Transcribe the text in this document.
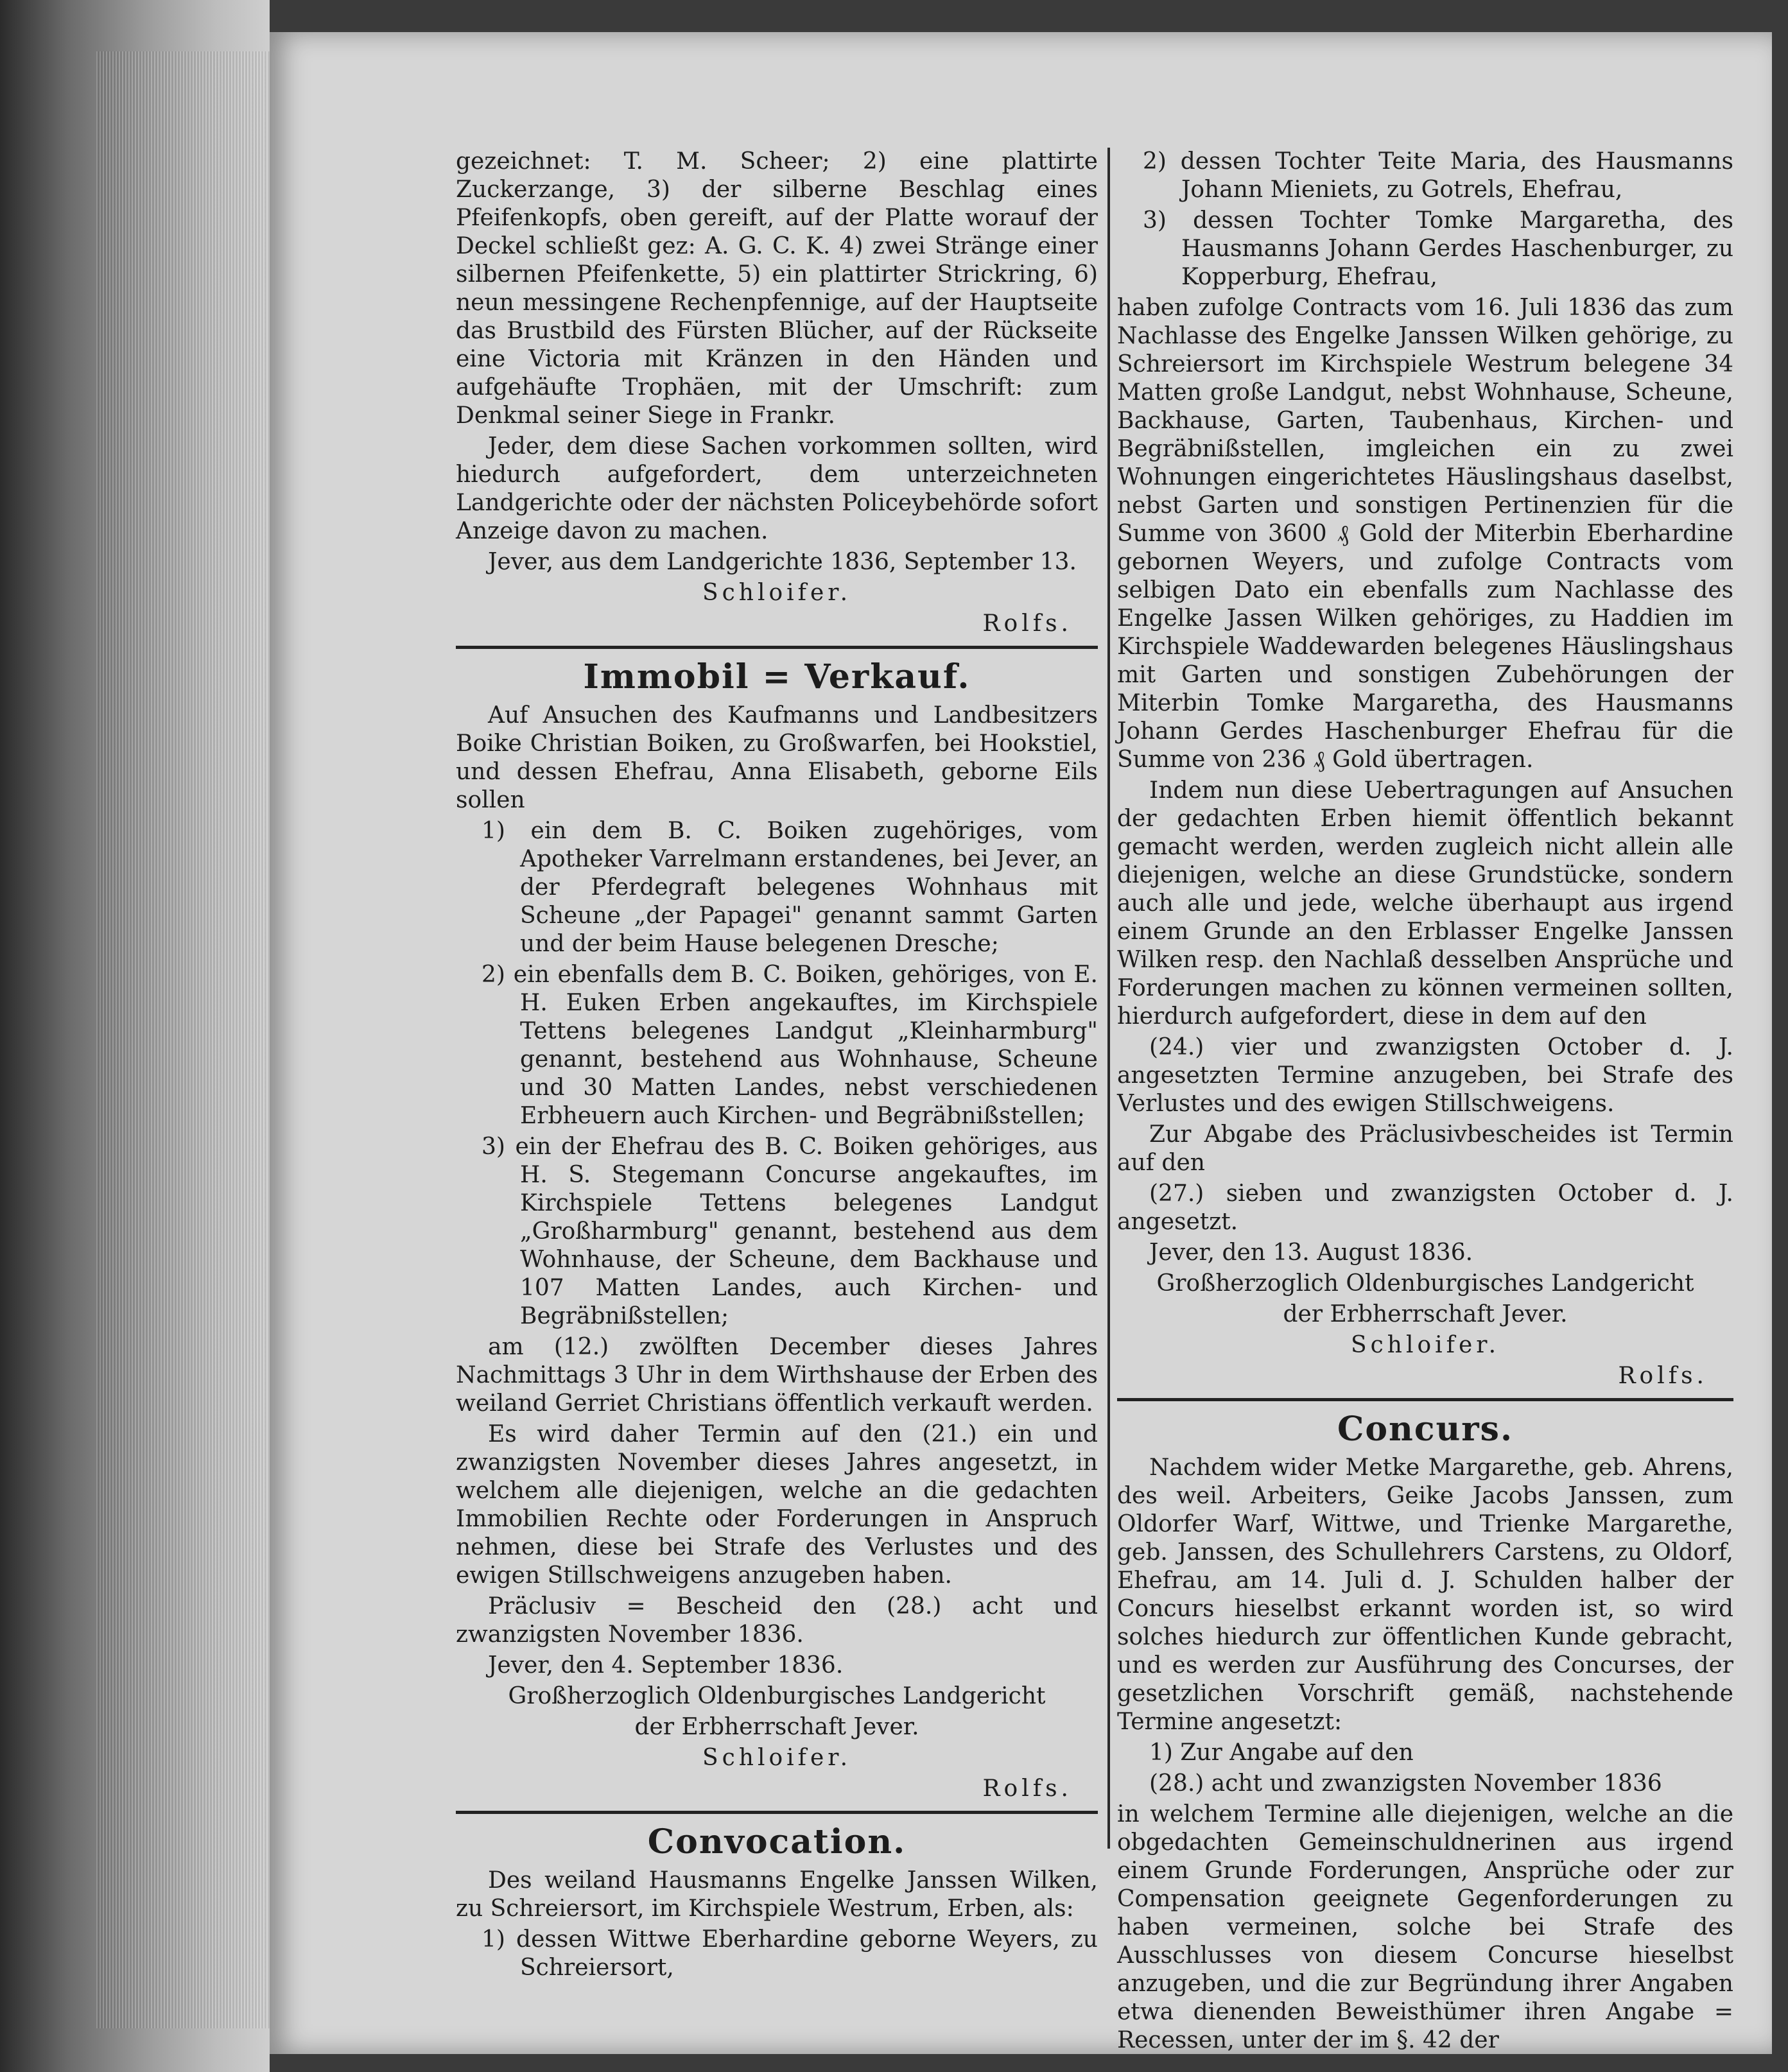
gezeichnet: T. M. Scheer; 2) eine plattirte Zuckerzange, 3) der silberne Beschlag eines Pfeifenkopfs, oben gereift, auf der Platte worauf der Deckel schließt gez: A. G. C. K. 4) zwei Stränge einer silbernen Pfeifenkette, 5) ein plattirter Strickring, 6) neun messingene Rechenpfennige, auf der Hauptseite das Brustbild des Fürsten Blücher, auf der Rückseite eine Victoria mit Kränzen in den Händen und aufgehäufte Trophäen, mit der Umschrift: zum Denkmal seiner Siege in Frankr.

Jeder, dem diese Sachen vorkommen sollten, wird hiedurch aufgefordert, dem unterzeichneten Landgerichte oder der nächsten Policeybehörde sofort Anzeige davon zu machen.

Jever, aus dem Landgerichte 1836, September 13.

Schloifer.

Rolfs.

Immobil = Verkauf.

Auf Ansuchen des Kaufmanns und Landbesitzers Boike Christian Boiken, zu Großwarfen, bei Hookstiel, und dessen Ehefrau, Anna Elisabeth, geborne Eils sollen

1) ein dem B. C. Boiken zugehöriges, vom Apotheker Varrelmann erstandenes, bei Jever, an der Pferdegraft belegenes Wohnhaus mit Scheune „der Papagei" genannt sammt Garten und der beim Hause belegenen Dresche;

2) ein ebenfalls dem B. C. Boiken, gehöriges, von E. H. Euken Erben angekauftes, im Kirchspiele Tettens belegenes Landgut „Kleinharmburg" genannt, bestehend aus Wohnhause, Scheune und 30 Matten Landes, nebst verschiedenen Erbheuern auch Kirchen- und Begräbnißstellen;

3) ein der Ehefrau des B. C. Boiken gehöriges, aus H. S. Stegemann Concurse angekauftes, im Kirchspiele Tettens belegenes Landgut „Großharmburg" genannt, bestehend aus dem Wohnhause, der Scheune, dem Backhause und 107 Matten Landes, auch Kirchen- und Begräbnißstellen;

am (12.) zwölften December dieses Jahres Nachmittags 3 Uhr in dem Wirthshause der Erben des weiland Gerriet Christians öffentlich verkauft werden.

Es wird daher Termin auf den (21.) ein und zwanzigsten November dieses Jahres angesetzt, in welchem alle diejenigen, welche an die gedachten Immobilien Rechte oder Forderungen in Anspruch nehmen, diese bei Strafe des Verlustes und des ewigen Stillschweigens anzugeben haben.

Präclusiv = Bescheid den (28.) acht und zwanzigsten November 1836.

Jever, den 4. September 1836.

Großherzoglich Oldenburgisches Landgericht

der Erbherrschaft Jever.

Schloifer.

Rolfs.

Convocation.

Des weiland Hausmanns Engelke Janssen Wilken, zu Schreiersort, im Kirchspiele Westrum, Erben, als:

1) dessen Wittwe Eberhardine geborne Weyers, zu Schreiersort,

2) dessen Tochter Teite Maria, des Hausmanns Johann Mieniets, zu Gotrels, Ehefrau,

3) dessen Tochter Tomke Margaretha, des Hausmanns Johann Gerdes Haschenburger, zu Kopperburg, Ehefrau,

haben zufolge Contracts vom 16. Juli 1836 das zum Nachlasse des Engelke Janssen Wilken gehörige, zu Schreiersort im Kirchspiele Westrum belegene 34 Matten große Landgut, nebst Wohnhause, Scheune, Backhause, Garten, Taubenhaus, Kirchen- und Begräbnißstellen, imgleichen ein zu zwei Wohnungen eingerichtetes Häuslingshaus daselbst, nebst Garten und sonstigen Pertinenzien für die Summe von 3600 ₰ Gold der Miterbin Eberhardine gebornen Weyers, und zufolge Contracts vom selbigen Dato ein ebenfalls zum Nachlasse des Engelke Jassen Wilken gehöriges, zu Haddien im Kirchspiele Waddewarden belegenes Häuslingshaus mit Garten und sonstigen Zubehörungen der Miterbin Tomke Margaretha, des Hausmanns Johann Gerdes Haschenburger Ehefrau für die Summe von 236 ₰ Gold übertragen.

Indem nun diese Uebertragungen auf Ansuchen der gedachten Erben hiemit öffentlich bekannt gemacht werden, werden zugleich nicht allein alle diejenigen, welche an diese Grundstücke, sondern auch alle und jede, welche überhaupt aus irgend einem Grunde an den Erblasser Engelke Janssen Wilken resp. den Nachlaß desselben Ansprüche und Forderungen machen zu können vermeinen sollten, hierdurch aufgefordert, diese in dem auf den

(24.) vier und zwanzigsten October d. J. angesetzten Termine anzugeben, bei Strafe des Verlustes und des ewigen Stillschweigens.

Zur Abgabe des Präclusivbescheides ist Termin auf den

(27.) sieben und zwanzigsten October d. J. angesetzt.

Jever, den 13. August 1836.

Großherzoglich Oldenburgisches Landgericht

der Erbherrschaft Jever.

Schloifer.

Rolfs.

Concurs.

Nachdem wider Metke Margarethe, geb. Ahrens, des weil. Arbeiters, Geike Jacobs Janssen, zum Oldorfer Warf, Wittwe, und Trienke Margarethe, geb. Janssen, des Schullehrers Carstens, zu Oldorf, Ehefrau, am 14. Juli d. J. Schulden halber der Concurs hieselbst erkannt worden ist, so wird solches hiedurch zur öffentlichen Kunde gebracht, und es werden zur Ausführung des Concurses, der gesetzlichen Vorschrift gemäß, nachstehende Termine angesetzt:

1) Zur Angabe auf den

(28.) acht und zwanzigsten November 1836

in welchem Termine alle diejenigen, welche an die obgedachten Gemeinschuldnerinen aus irgend einem Grunde Forderungen, Ansprüche oder zur Compensation geeignete Gegenforderungen zu haben vermeinen, solche bei Strafe des Ausschlusses von diesem Concurse hieselbst anzugeben, und die zur Begründung ihrer Angaben etwa dienenden Beweisthümer ihren Angabe = Recessen, unter der im §. 42 der
